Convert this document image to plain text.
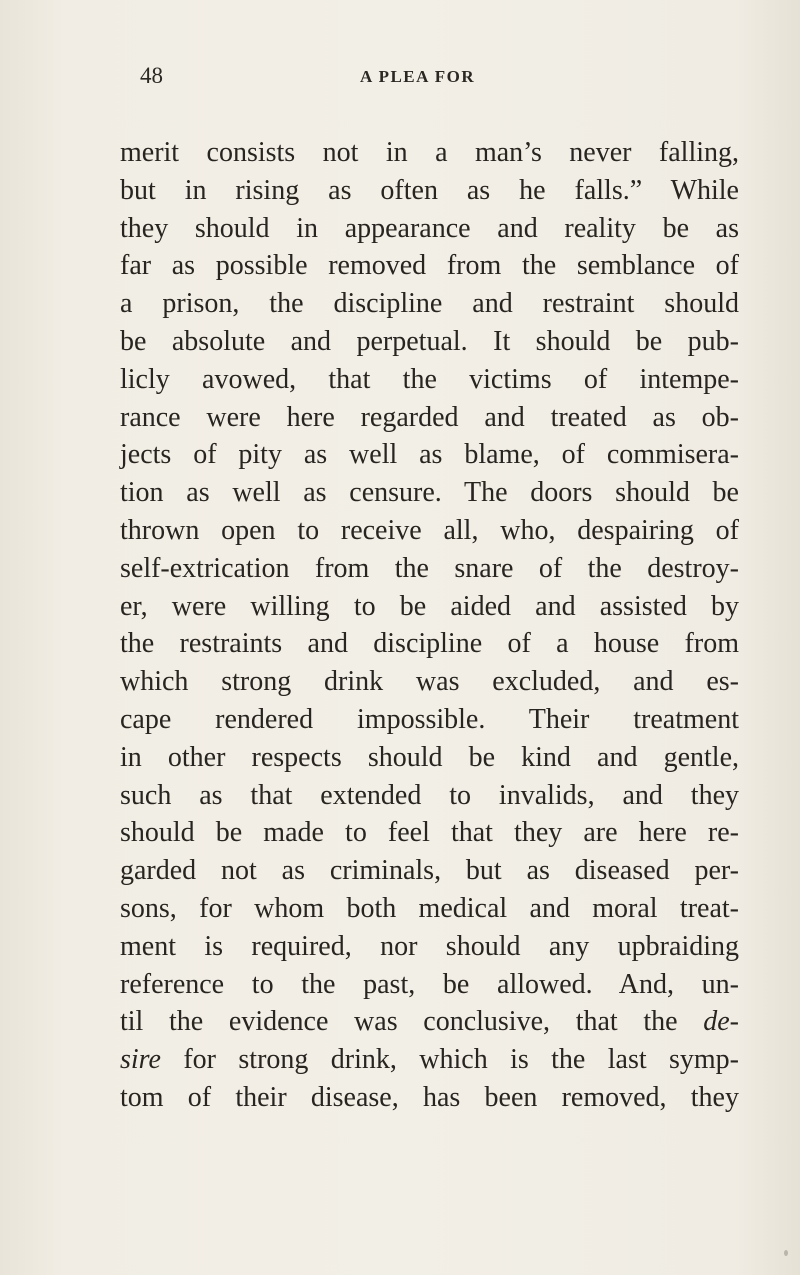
48	A PLEA FOR
merit consists not in a man’s never falling,
but in rising as often as he falls.” While
they should in appearance and reality be as
far as possible removed from the semblance of
a prison, the discipline and restraint should
be absolute and perpetual. It should be pub-
licly avowed, that the victims of intempe-
rance were here regarded and treated as ob-
jects of pity as well as blame, of commisera-
tion as well as censure. The doors should be
thrown open to receive all, who, despairing of
self-extrication from the snare of the destroy-
er, were willing to be aided and assisted by
the restraints and discipline of a house from
which strong drink was excluded, and es-
cape rendered impossible. Their treatment
in other respects should be kind and gentle,
such as that extended to invalids, and they
should be made to feel that they are here re-
garded not as criminals, but as diseased per-
sons, for whom both medical and moral treat-
ment is required, nor should any upbraiding
reference to the past, be allowed. And, un-
til the evidence was conclusive, that the de-
sire for strong drink, which is the last symp-
tom of their disease, has been removed, they
